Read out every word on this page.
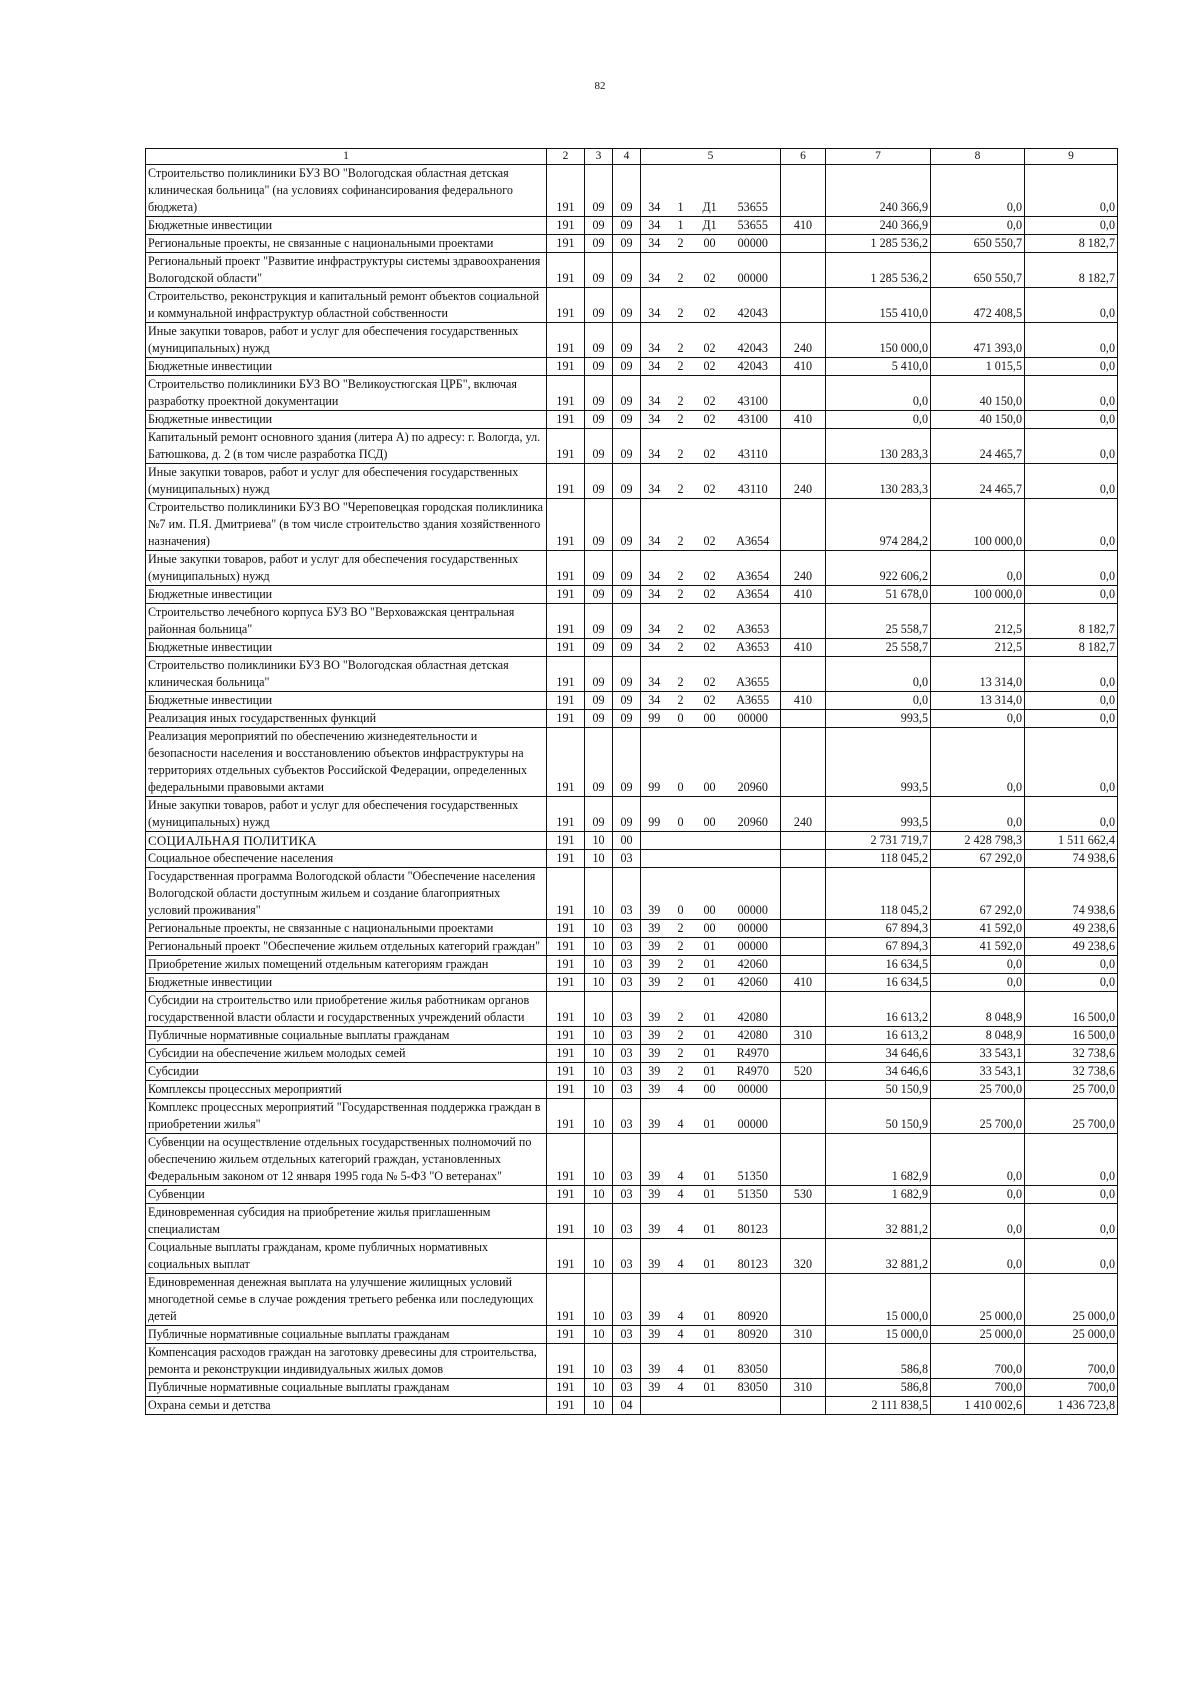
82
1	2	3	4	5				6	7	8	9
Строительство поликлиники БУЗ ВО "Вологодская областная детская клиническая больница" (на условиях софинансирования федерального бюджета)	191	09	09	34	1	Д1	53655		240 366,9	0,0	0,0
Бюджетные инвестиции	191	09	09	34	1	Д1	53655	410	240 366,9	0,0	0,0
Региональные проекты, не связанные с национальными проектами	191	09	09	34	2	00	00000		1 285 536,2	650 550,7	8 182,7
Региональный проект "Развитие инфраструктуры системы здравоохранения Вологодской области"	191	09	09	34	2	02	00000		1 285 536,2	650 550,7	8 182,7
Строительство, реконструкция и капитальный ремонт объектов социальной и коммунальной инфраструктур областной собственности	191	09	09	34	2	02	42043		155 410,0	472 408,5	0,0
Иные закупки товаров, работ и услуг для обеспечения государственных (муниципальных) нужд	191	09	09	34	2	02	42043	240	150 000,0	471 393,0	0,0
Бюджетные инвестиции	191	09	09	34	2	02	42043	410	5 410,0	1 015,5	0,0
Строительство поликлиники БУЗ ВО "Великоустюгская ЦРБ", включая разработку проектной документации	191	09	09	34	2	02	43100		0,0	40 150,0	0,0
Бюджетные инвестиции	191	09	09	34	2	02	43100	410	0,0	40 150,0	0,0
Капитальный ремонт основного здания (литера А) по адресу: г. Вологда, ул. Батюшкова, д. 2 (в том числе разработка ПСД)	191	09	09	34	2	02	43110		130 283,3	24 465,7	0,0
Иные закупки товаров, работ и услуг для обеспечения государственных (муниципальных) нужд	191	09	09	34	2	02	43110	240	130 283,3	24 465,7	0,0
Строительство поликлиники БУЗ ВО "Череповецкая городская поликлиника №7 им. П.Я. Дмитриева" (в том числе строительство здания хозяйственного назначения)	191	09	09	34	2	02	А3654		974 284,2	100 000,0	0,0
Иные закупки товаров, работ и услуг для обеспечения государственных (муниципальных) нужд	191	09	09	34	2	02	А3654	240	922 606,2	0,0	0,0
Бюджетные инвестиции	191	09	09	34	2	02	А3654	410	51 678,0	100 000,0	0,0
Строительство лечебного корпуса БУЗ ВО "Верховажская центральная районная больница"	191	09	09	34	2	02	А3653		25 558,7	212,5	8 182,7
Бюджетные инвестиции	191	09	09	34	2	02	А3653	410	25 558,7	212,5	8 182,7
Строительство поликлиники БУЗ ВО "Вологодская областная детская клиническая больница"	191	09	09	34	2	02	А3655		0,0	13 314,0	0,0
Бюджетные инвестиции	191	09	09	34	2	02	А3655	410	0,0	13 314,0	0,0
Реализация иных государственных функций	191	09	09	99	0	00	00000		993,5	0,0	0,0
Реализация мероприятий по обеспечению жизнедеятельности и безопасности населения и восстановлению объектов инфраструктуры на территориях отдельных субъектов Российской Федерации, определенных федеральными правовыми актами	191	09	09	99	0	00	20960		993,5	0,0	0,0
Иные закупки товаров, работ и услуг для обеспечения государственных (муниципальных) нужд	191	09	09	99	0	00	20960	240	993,5	0,0	0,0
СОЦИАЛЬНАЯ ПОЛИТИКА	191	10	00						2 731 719,7	2 428 798,3	1 511 662,4
Социальное обеспечение населения	191	10	03						118 045,2	67 292,0	74 938,6
Государственная программа Вологодской области "Обеспечение населения Вологодской области доступным жильем и создание благоприятных условий проживания"	191	10	03	39	0	00	00000		118 045,2	67 292,0	74 938,6
Региональные проекты, не связанные с национальными проектами	191	10	03	39	2	00	00000		67 894,3	41 592,0	49 238,6
Региональный проект "Обеспечение жильем отдельных категорий граждан"	191	10	03	39	2	01	00000		67 894,3	41 592,0	49 238,6
Приобретение жилых помещений отдельным категориям граждан	191	10	03	39	2	01	42060		16 634,5	0,0	0,0
Бюджетные инвестиции	191	10	03	39	2	01	42060	410	16 634,5	0,0	0,0
Субсидии на строительство или приобретение жилья работникам органов государственной власти области и государственных учреждений области	191	10	03	39	2	01	42080		16 613,2	8 048,9	16 500,0
Публичные нормативные социальные выплаты гражданам	191	10	03	39	2	01	42080	310	16 613,2	8 048,9	16 500,0
Субсидии на обеспечение жильем молодых семей	191	10	03	39	2	01	R4970		34 646,6	33 543,1	32 738,6
Субсидии	191	10	03	39	2	01	R4970	520	34 646,6	33 543,1	32 738,6
Комплексы процессных мероприятий	191	10	03	39	4	00	00000		50 150,9	25 700,0	25 700,0
Комплекс процессных мероприятий "Государственная поддержка граждан в приобретении жилья"	191	10	03	39	4	01	00000		50 150,9	25 700,0	25 700,0
Субвенции на осуществление отдельных государственных полномочий по обеспечению жильем отдельных категорий граждан, установленных Федеральным законом от 12 января 1995 года № 5-ФЗ "О ветеранах"	191	10	03	39	4	01	51350		1 682,9	0,0	0,0
Субвенции	191	10	03	39	4	01	51350	530	1 682,9	0,0	0,0
Единовременная субсидия на приобретение жилья приглашенным специалистам	191	10	03	39	4	01	80123		32 881,2	0,0	0,0
Социальные выплаты гражданам, кроме публичных нормативных социальных выплат	191	10	03	39	4	01	80123	320	32 881,2	0,0	0,0
Единовременная денежная выплата на улучшение жилищных условий многодетной семье в случае рождения третьего ребенка или последующих детей	191	10	03	39	4	01	80920		15 000,0	25 000,0	25 000,0
Публичные нормативные социальные выплаты гражданам	191	10	03	39	4	01	80920	310	15 000,0	25 000,0	25 000,0
Компенсация расходов граждан на заготовку древесины для строительства, ремонта и реконструкции индивидуальных жилых домов	191	10	03	39	4	01	83050		586,8	700,0	700,0
Публичные нормативные социальные выплаты гражданам	191	10	03	39	4	01	83050	310	586,8	700,0	700,0
Охрана семьи и детства	191	10	04						2 111 838,5	1 410 002,6	1 436 723,8
